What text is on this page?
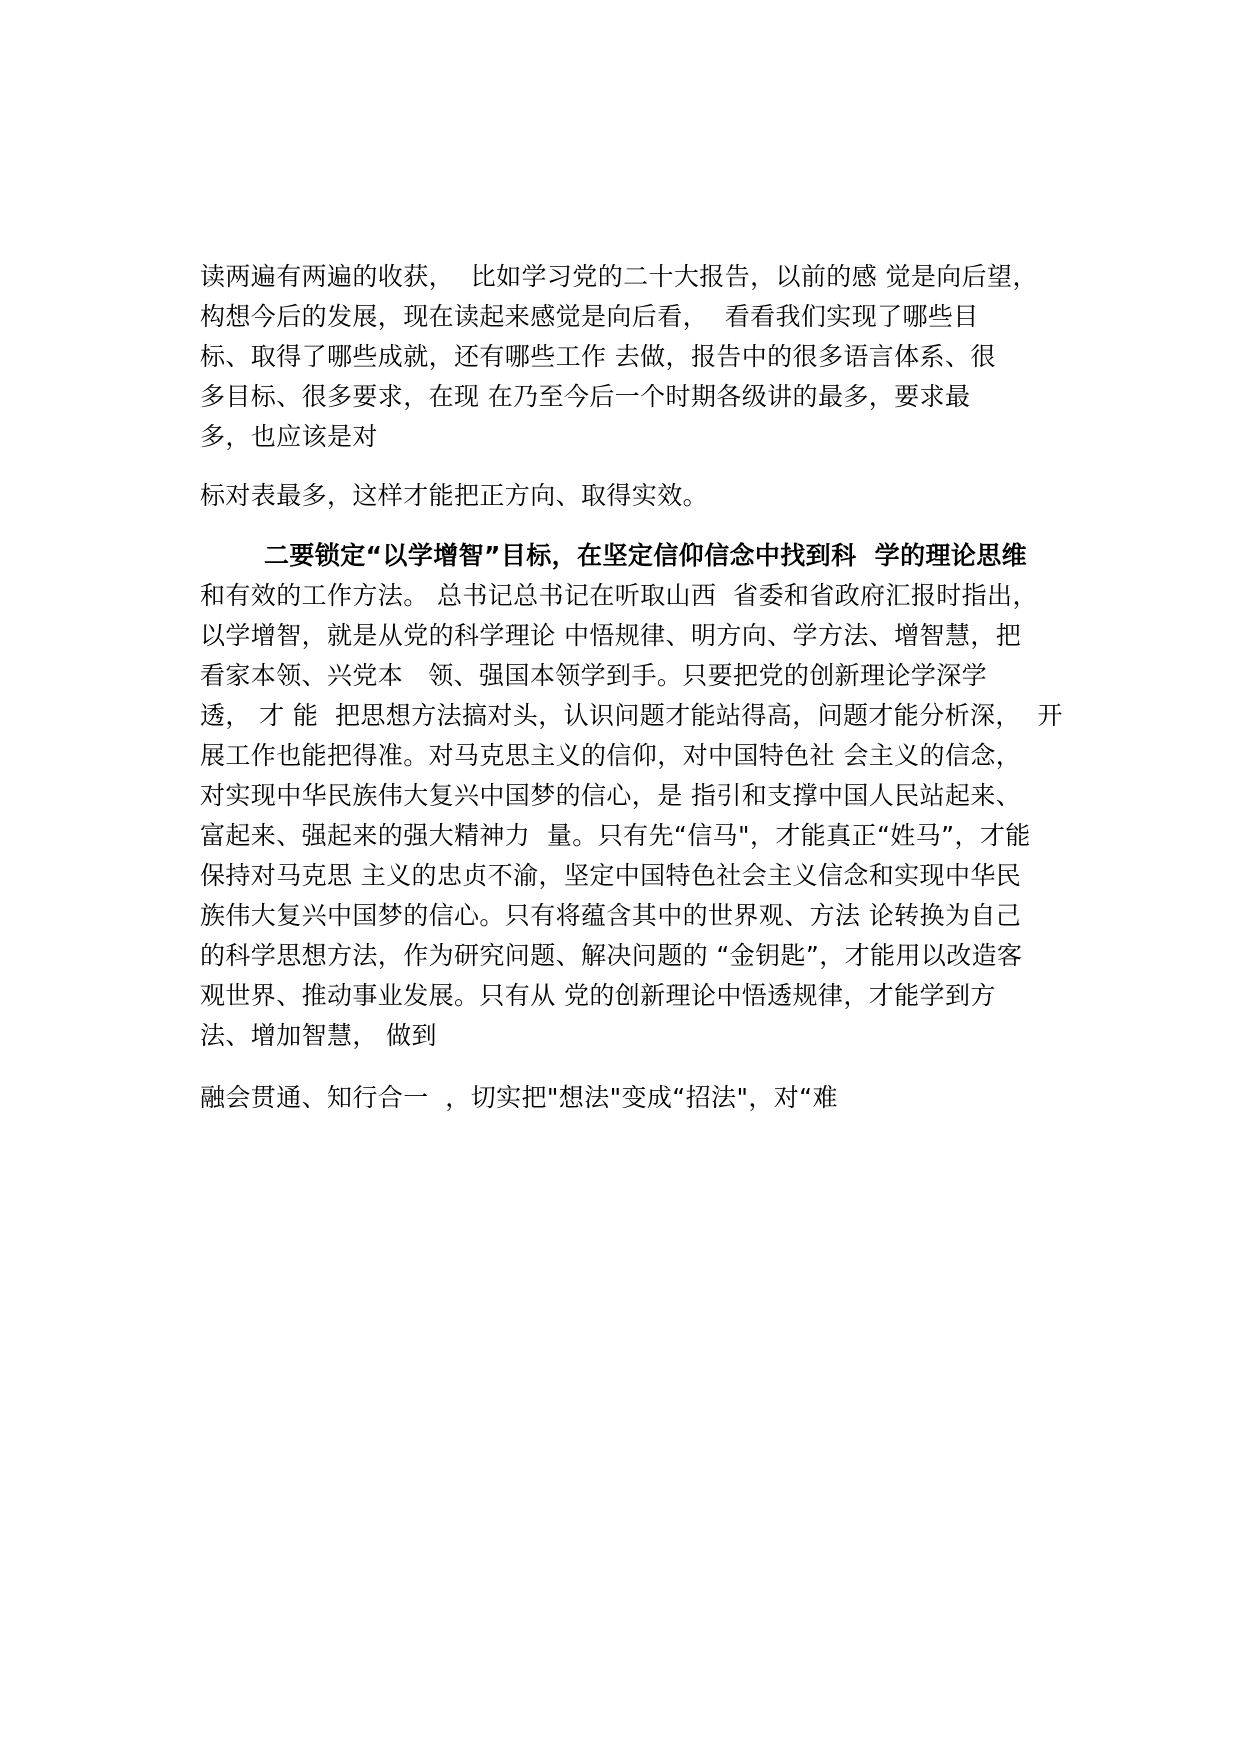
读两遍有两遍的收获，  比如学习党的二十大报告，以前的感 觉是向后望，
构想今后的发展，现在读起来感觉是向后看，  看看我们实现了哪些目
标、取得了哪些成就，还有哪些工作 去做，报告中的很多语言体系、很
多目标、很多要求，在现 在乃至今后一个时期各级讲的最多，要求最
多，也应该是对
标对表最多，这样才能把正方向、取得实效。
二要锁定“以学增智”目标，在坚定信仰信念中找到科  学的理论思维
和有效的工作方法。 总书记总书记在听取山西  省委和省政府汇报时指出，
以学增智，就是从党的科学理论 中悟规律、明方向、学方法、增智慧，把
看家本领、兴党本   领、强国本领学到手。只要把党的创新理论学深学
透， 才 能  把思想方法搞对头，认识问题才能站得高，问题才能分析深，  开
展工作也能把得准。对马克思主义的信仰，对中国特色社 会主义的信念，
对实现中华民族伟大复兴中国梦的信心，是 指引和支撑中国人民站起来、
富起来、强起来的强大精神力  量。只有先“信马"，才能真正“姓马”，才能
保持对马克思 主义的忠贞不渝，坚定中国特色社会主义信念和实现中华民
族伟大复兴中国梦的信心。只有将蕴含其中的世界观、方法 论转换为自己
的科学思想方法，作为研究问题、解决问题的 “金钥匙”，才能用以改造客
观世界、推动事业发展。只有从 党的创新理论中悟透规律，才能学到方
法、增加智慧， 做到
融会贯通、知行合一  ，切实把"想法"变成“招法"，对“难
